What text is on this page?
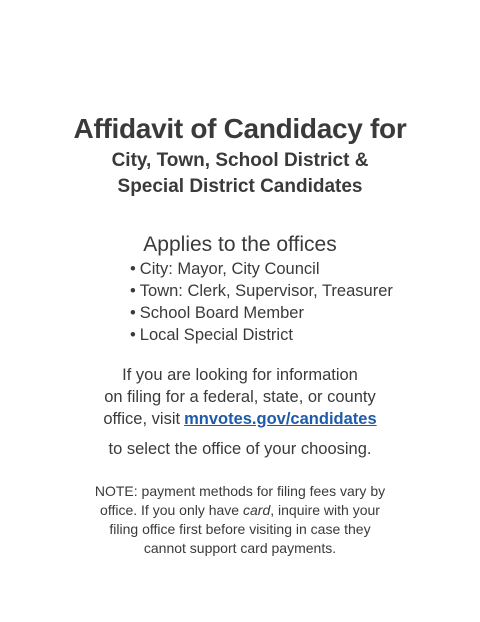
Affidavit of Candidacy for
City, Town, School District &
Special District Candidates
Applies to the offices
• City: Mayor, City Council
• Town: Clerk, Supervisor, Treasurer
• School Board Member
• Local Special District

If you are looking for information
on filing for a federal, state, or county
office, visit mnvotes.gov/candidates
to select the office of your choosing.

NOTE: payment methods for filing fees vary by
office. If you only have card, inquire with your
filing office first before visiting in case they
cannot support card payments.
